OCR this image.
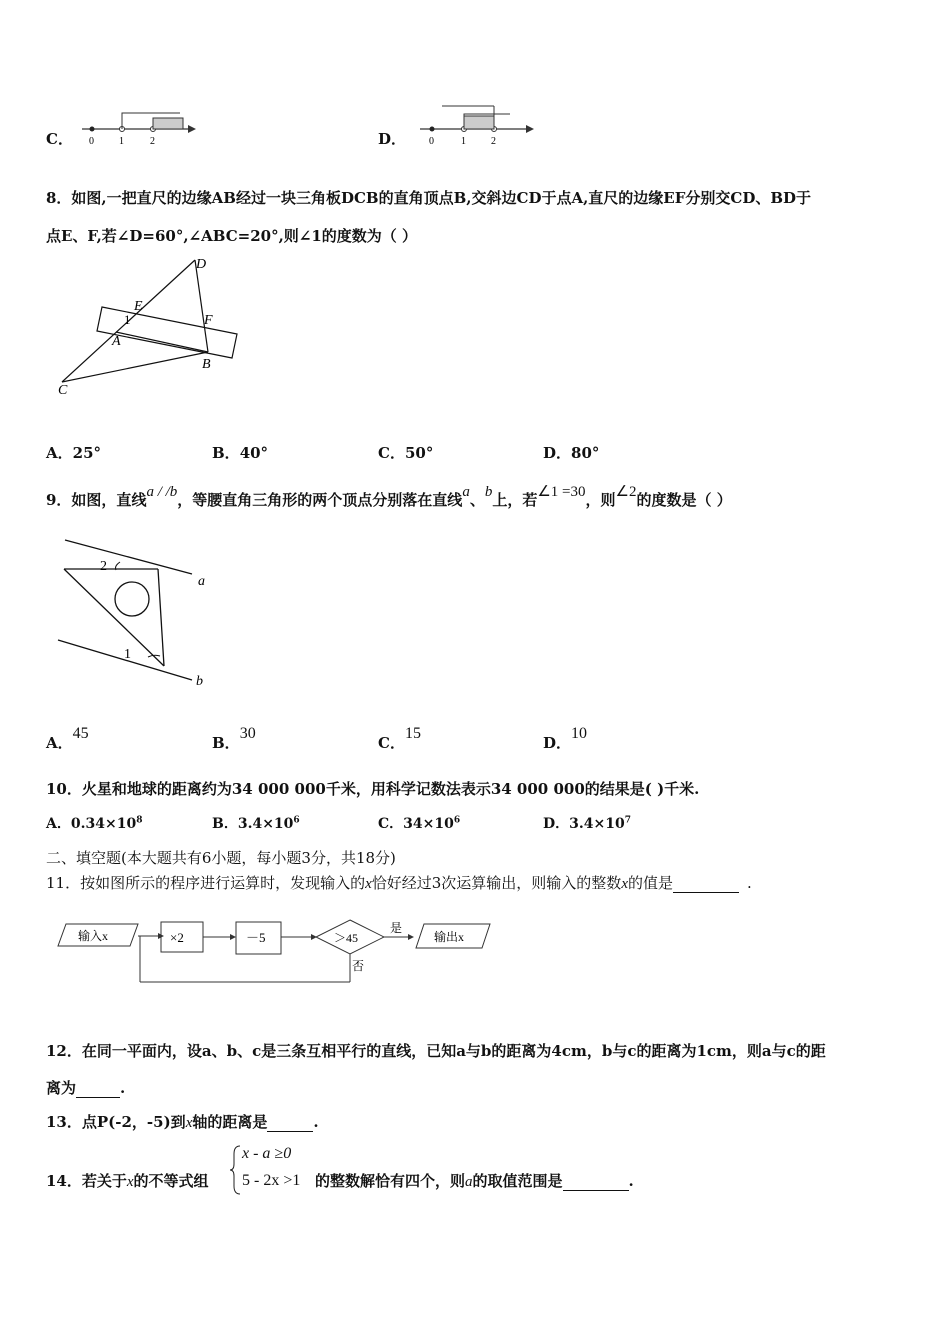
C． 0	1	2	D． 0	1	2
8．如图,一把直尺的边缘AB经过一块三角板DCB的直角顶点B,交斜边CD于点A,直尺的边缘EF分别交CD、BD于
点E、F,若∠D=60°,∠ABC=20°,则∠1的度数为（ ）
D
E
F
1
A
B
C
A．25°	B．40°	C．50°	D．80°
9．如图，直线a / /b，等腰直角三角形的两个顶点分别落在直线a、b上，若∠1 =30，则∠2的度数是（ ）
2
1
a
b
A．45
B．30
C．15
D．10
10．火星和地球的距离约为34 000 000千米，用科学记数法表示34 000 000的结果是( )千米.
A．$0.34\times 10^8$	B．$3.4\times 10^6$	C．$34\times 10^6$	D．$3.4\times 10^7$
二、填空题(本大题共有6小题，每小题3分，共18分)
11．按如图所示的程序进行运算时，发现输入的x恰好经过3次运算输出，则输入的整数x的值是	.
输入x	×2	－5	＞45
是
输出x
否
12．在同一平面内，设a、b、c是三条互相平行的直线，已知a与b的距离为4cm，b与c的距离为1cm，则a与c的距
离为	.
13．点P(-2，-5)到x轴的距离是	.
14．若关于x的不等式组
x - a ≥0
5 - 2x >1 的整数解恰有四个，则a的取值范围是	.
